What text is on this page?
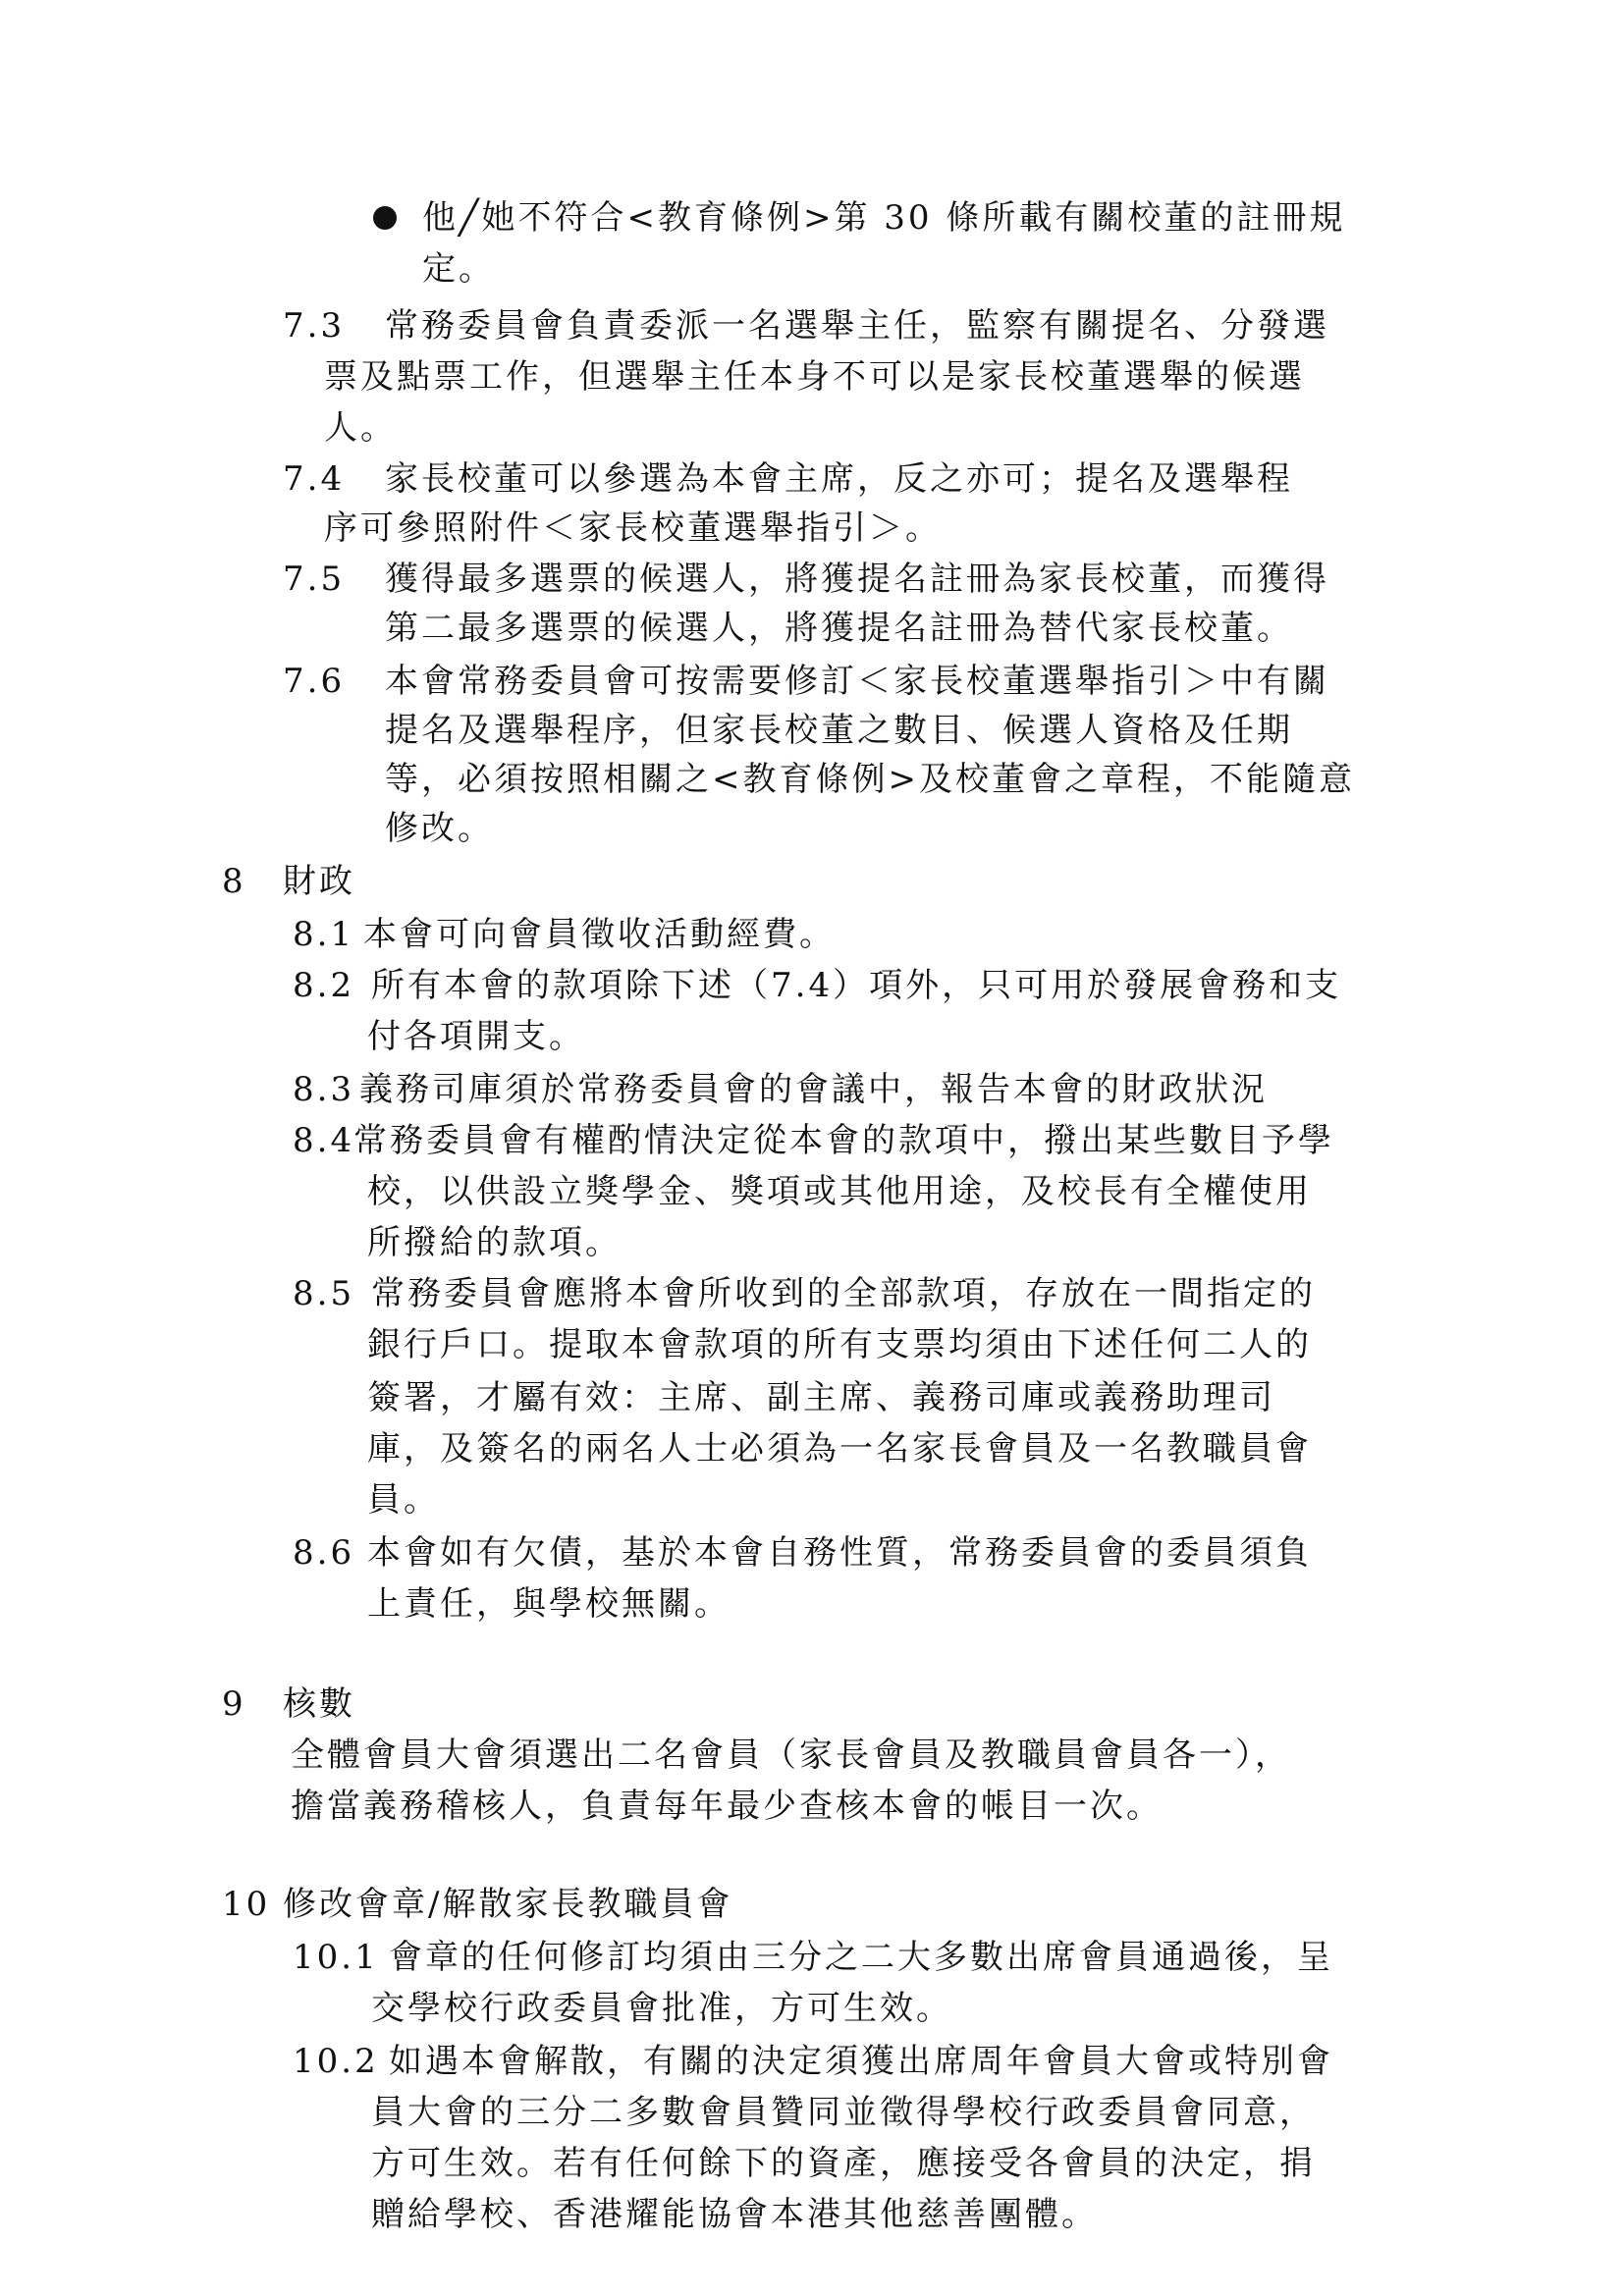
他╱她不符合<教育條例>第 30 條所載有關校董的註冊規
定。
7.3 常務委員會負責委派一名選舉主任，監察有關提名、分發選
票及點票工作，但選舉主任本身不可以是家長校董選舉的候選
人。
7.4 家長校董可以參選為本會主席，反之亦可；提名及選舉程
序可參照附件＜家長校董選舉指引＞。
7.5 獲得最多選票的候選人，將獲提名註冊為家長校董，而獲得
第二最多選票的候選人，將獲提名註冊為替代家長校董。
7.6 本會常務委員會可按需要修訂＜家長校董選舉指引＞中有關
提名及選舉程序，但家長校董之數目、候選人資格及任期
等，必須按照相關之<教育條例>及校董會之章程，不能隨意
修改。
8 財政
8.1 本會可向會員徵收活動經費。
8.2 所有本會的款項除下述（7.4）項外，只可用於發展會務和支
付各項開支。
8.3 義務司庫須於常務委員會的會議中，報告本會的財政狀況
8.4
常務委員會有權酌情決定從本會的款項中，撥出某些數目予學
校，以供設立獎學金、獎項或其他用途，及校長有全權使用
所撥給的款項。
8.5 常務委員會應將本會所收到的全部款項，存放在一間指定的
銀行戶口。提取本會款項的所有支票均須由下述任何二人的
簽署，才屬有效：主席、副主席、義務司庫或義務助理司
庫，及簽名的兩名人士必須為一名家長會員及一名教職員會
員。
8.6 本會如有欠債，基於本會自務性質，常務委員會的委員須負
上責任，與學校無關。
9 核數
全體會員大會須選出二名會員（家長會員及教職員會員各一），
擔當義務稽核人，負責每年最少查核本會的帳目一次。
10 修改會章/解散家長教職員會
10.1 會章的任何修訂均須由三分之二大多數出席會員通過後，呈
交學校行政委員會批准，方可生效。
10.2 如遇本會解散，有關的決定須獲出席周年會員大會或特別會
員大會的三分二多數會員贊同並徵得學校行政委員會同意，
方可生效。若有任何餘下的資產，應接受各會員的決定，捐
贈給學校、香港耀能協會本港其他慈善團體。
